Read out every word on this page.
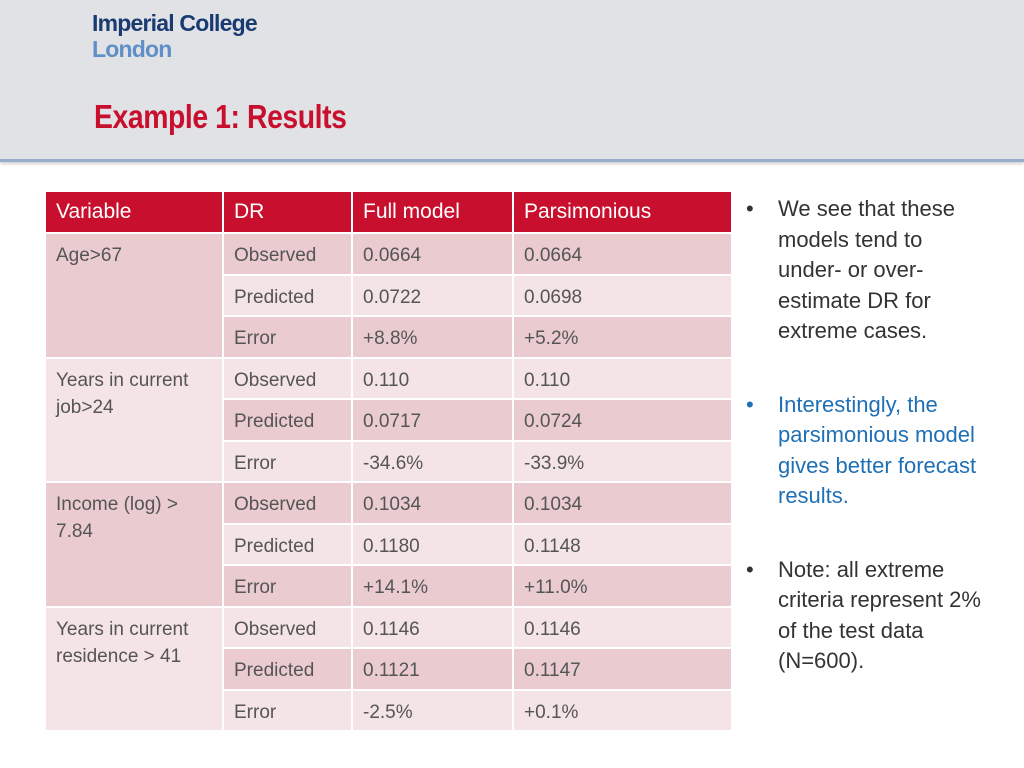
Imperial College
London
Example 1: Results
Variable	DR	Full model	Parsimonious
Age>67	Observed	0.0664	0.0664
	Predicted	0.0722	0.0698
	Error	+8.8%	+5.2%
Years in current job>24	Observed	0.110	0.110
	Predicted	0.0717	0.0724
	Error	-34.6%	-33.9%
Income (log) > 7.84	Observed	0.1034	0.1034
	Predicted	0.1180	0.1148
	Error	+14.1%	+11.0%
Years in current residence > 41	Observed	0.1146	0.1146
	Predicted	0.1121	0.1147
	Error	-2.5%	+0.1%
• We see that these models tend to under- or over- estimate DR for extreme cases.
• Interestingly, the parsimonious model gives better forecast results.
• Note: all extreme criteria represent 2% of the test data (N=600).
